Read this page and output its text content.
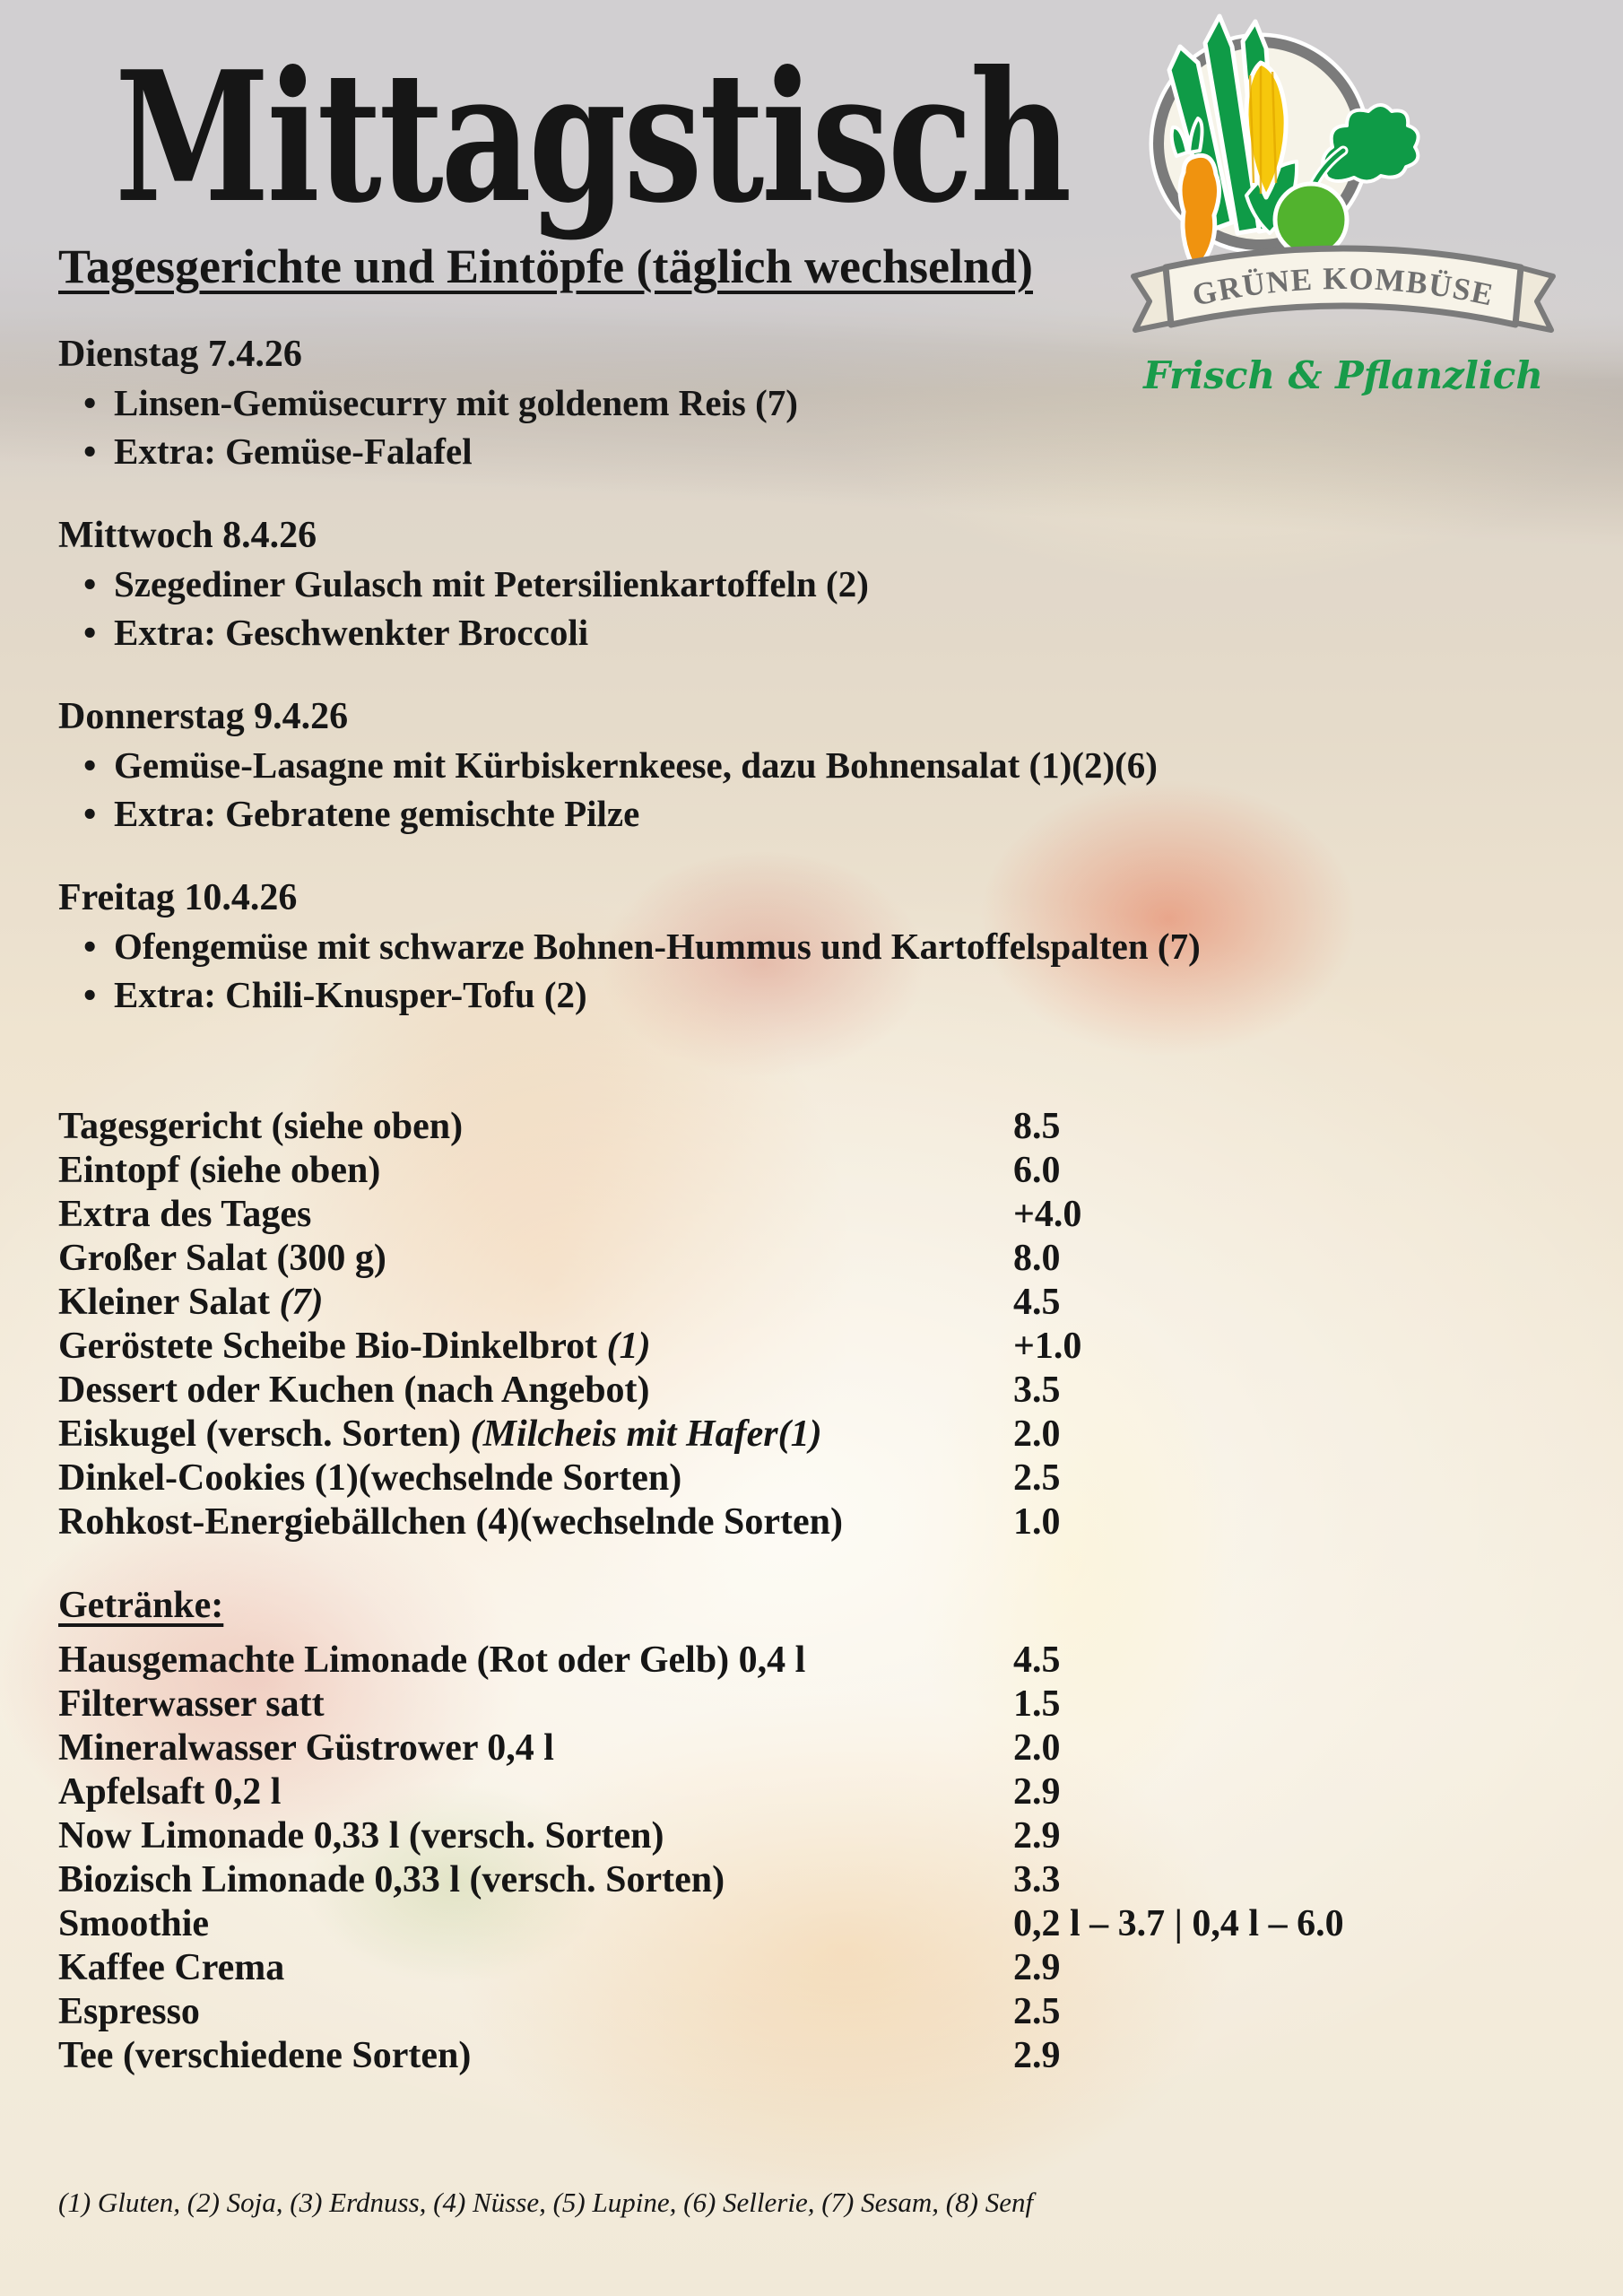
Mittagstisch
Tagesgerichte und Eintöpfe (täglich wechselnd)	GRÜNE KOMBÜSE
Frisch & Pflanzlich
Dienstag 7.4.26
• Linsen-Gemüsecurry mit goldenem Reis (7)
• Extra: Gemüse-Falafel
Mittwoch 8.4.26
• Szegediner Gulasch mit Petersilienkartoffeln (2)
• Extra: Geschwenkter Broccoli
Donnerstag 9.4.26
• Gemüse-Lasagne mit Kürbiskernkeese, dazu Bohnensalat (1)(2)(6)
• Extra: Gebratene gemischte Pilze
Freitag 10.4.26
• Ofengemüse mit schwarze Bohnen-Hummus und Kartoffelspalten (7)
• Extra: Chili-Knusper-Tofu (2)
Tagesgericht (siehe oben)	8.5
Eintopf (siehe oben)	6.0
Extra des Tages	+4.0
Großer Salat (300 g)	8.0
Kleiner Salat (7)	4.5
Geröstete Scheibe Bio-Dinkelbrot (1)	+1.0
Dessert oder Kuchen (nach Angebot)	3.5
Eiskugel (versch. Sorten) (Milcheis mit Hafer(1)	2.0
Dinkel-Cookies (1)(wechselnde Sorten)	2.5
Rohkost-Energiebällchen (4)(wechselnde Sorten)	1.0
Getränke:
Hausgemachte Limonade (Rot oder Gelb) 0,4 l	4.5
Filterwasser satt	1.5
Mineralwasser Güstrower 0,4 l	2.0
Apfelsaft 0,2 l	2.9
Now Limonade 0,33 l (versch. Sorten)	2.9
Biozisch Limonade 0,33 l (versch. Sorten)	3.3
Smoothie	0,2 l – 3.7 | 0,4 l – 6.0
Kaffee Crema	2.9
Espresso	2.5
Tee (verschiedene Sorten)	2.9
(1) Gluten, (2) Soja, (3) Erdnuss, (4) Nüsse, (5) Lupine, (6) Sellerie, (7) Sesam, (8) Senf
